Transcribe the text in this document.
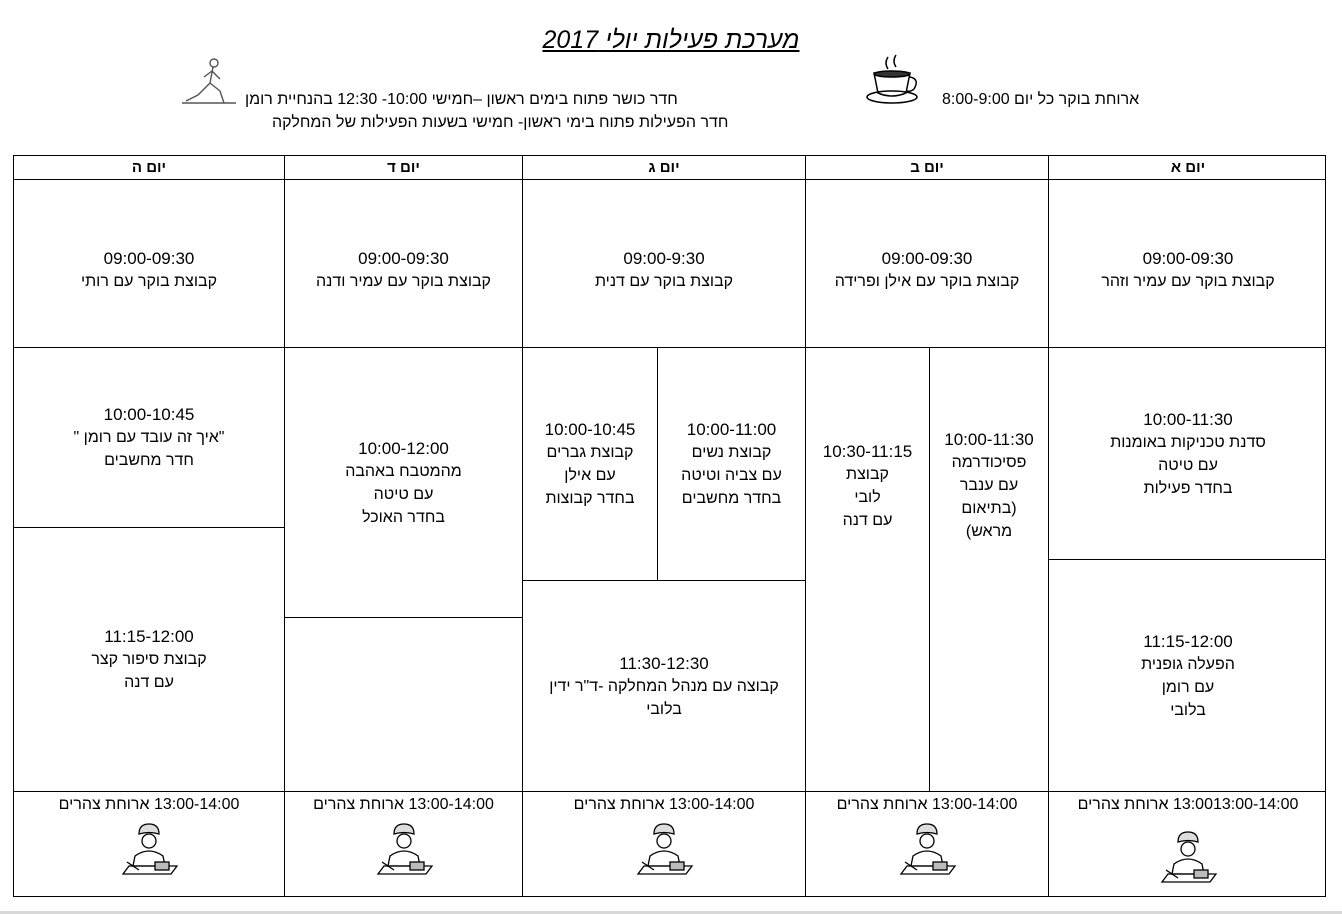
מערכת פעילות יולי 2017
חדר כושר פתוח בימים ראשון –חמישי 10:00- 12:30 בהנחיית רומן
חדר הפעילות פתוח בימי ראשון- חמישי בשעות הפעילות של המחלקה
ארוחת בוקר כל יום 8:00-9:00
יום א
יום ב
יום ג
יום ד
יום ה
09:00-09:30
קבוצת בוקר עם עמיר וזהר
09:00-09:30
קבוצת בוקר עם אילן ופרידה
09:00-9:30
קבוצת בוקר עם דנית
09:00-09:30
קבוצת בוקר עם עמיר ודנה
09:00-09:30
קבוצת בוקר עם רותי
10:00-11:30
סדנת טכניקות באומנות
עם טיטה
בחדר פעילות
11:15-12:00
הפעלה גופנית
עם רומן
בלובי
10:00-11:30
פסיכודרמה
עם ענבר
(בתיאום
מראש)
10:30-11:15
קבוצת
לובי
עם דנה
10:00-11:00
קבוצת נשים
עם צביה וטיטה
בחדר מחשבים
10:00-10:45
קבוצת גברים
עם אילן
בחדר קבוצות
11:30-12:30
קבוצה עם מנהל המחלקה -ד"ר ידין
בלובי
10:00-12:00
מהמטבח באהבה
עם טיטה
בחדר האוכל
10:00-10:45
"איך זה עובד עם רומן "
חדר מחשבים
11:15-12:00
קבוצת סיפור קצר
עם דנה
13:0013:00-14:00 ארוחת צהרים
13:00-14:00 ארוחת צהרים
13:00-14:00 ארוחת צהרים
13:00-14:00 ארוחת צהרים
13:00-14:00 ארוחת צהרים
